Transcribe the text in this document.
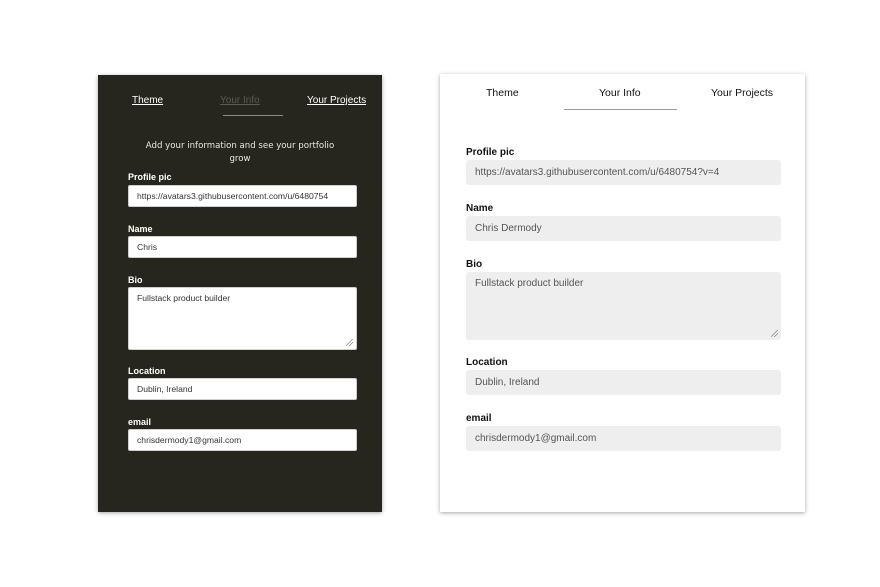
Theme	Your Info	Your Projects
Add your information and see your portfolio grow
Profile pic
https://avatars3.githubusercontent.com/u/6480754
Name
Chris
Bio
Fullstack product builder
Location
Dublin, Ireland
email
chrisdermody1@gmail.com
Theme	Your Info	Your Projects
Profile pic
https://avatars3.githubusercontent.com/u/6480754?v=4
Name
Chris Dermody
Bio
Fullstack product builder
Location
Dublin, Ireland
email
chrisdermody1@gmail.com
